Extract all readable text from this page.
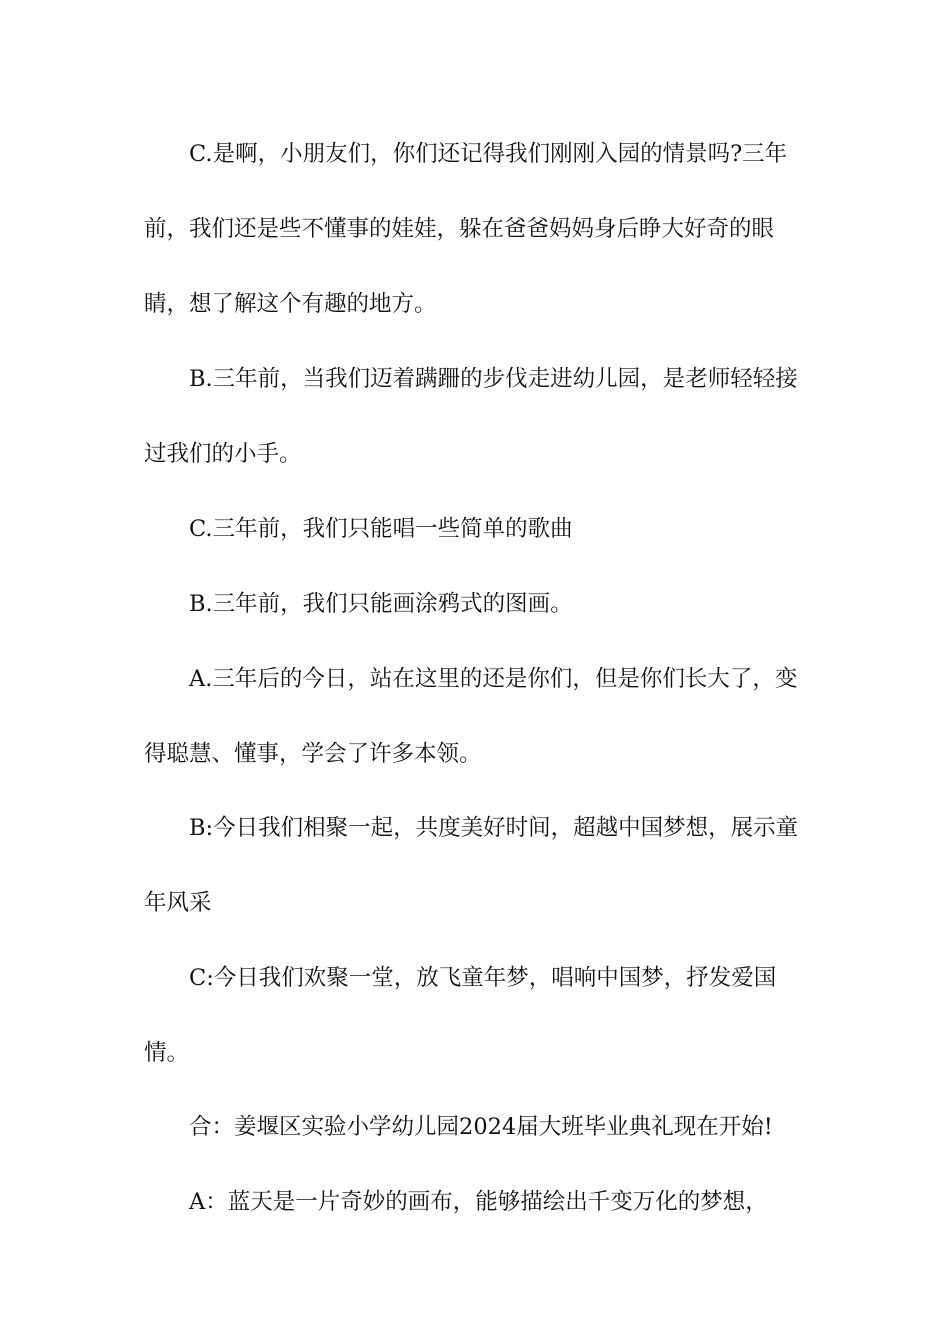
C.是啊，小朋友们，你们还记得我们刚刚入园的情景吗?三年前，我们还是些不懂事的娃娃，躲在爸爸妈妈身后睁大好奇的眼睛，想了解这个有趣的地方。

B.三年前，当我们迈着蹒跚的步伐走进幼儿园，是老师轻轻接过我们的小手。

C.三年前，我们只能唱一些简单的歌曲

B.三年前，我们只能画涂鸦式的图画。

A.三年后的今日，站在这里的还是你们，但是你们长大了，变得聪慧、懂事，学会了许多本领。

B:今日我们相聚一起，共度美好时间，超越中国梦想，展示童年风采

C:今日我们欢聚一堂，放飞童年梦，唱响中国梦，抒发爱国情。

合：姜堰区实验小学幼儿园2024届大班毕业典礼现在开始!

A：蓝天是一片奇妙的画布，能够描绘出千变万化的梦想，
